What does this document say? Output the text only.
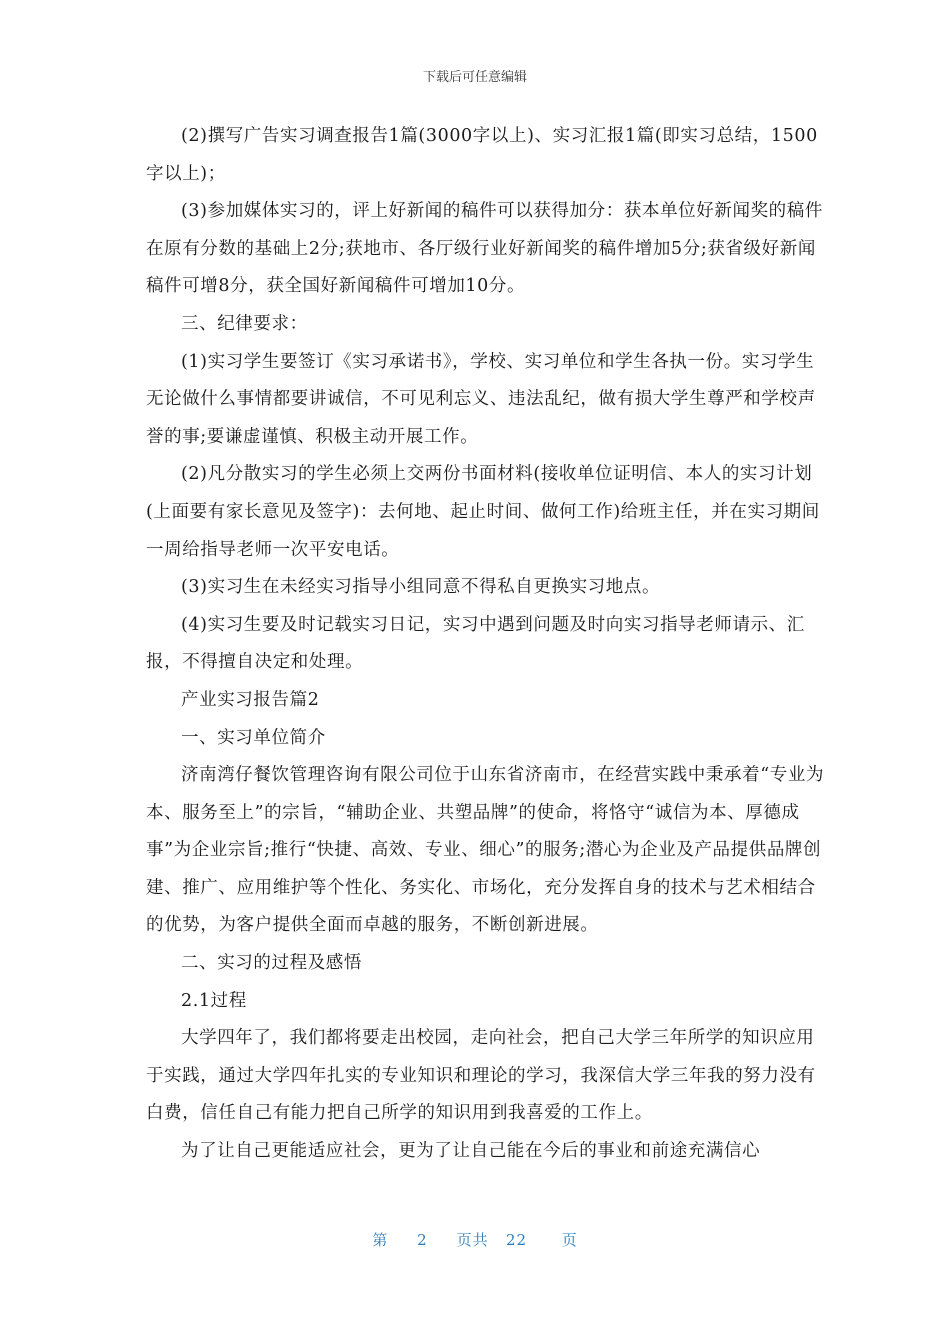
下载后可任意编辑

(2)撰写广告实习调查报告1篇(3000字以上)、实习汇报1篇(即实习总结，1500字以上)；

(3)参加媒体实习的，评上好新闻的稿件可以获得加分：获本单位好新闻奖的稿件在原有分数的基础上2分;获地市、各厅级行业好新闻奖的稿件增加5分;获省级好新闻稿件可增8分，获全国好新闻稿件可增加10分。

三、纪律要求：

(1)实习学生要签订《实习承诺书》，学校、实习单位和学生各执一份。实习学生无论做什么事情都要讲诚信，不可见利忘义、违法乱纪，做有损大学生尊严和学校声誉的事;要谦虚谨慎、积极主动开展工作。

(2)凡分散实习的学生必须上交两份书面材料(接收单位证明信、本人的实习计划(上面要有家长意见及签字)：去何地、起止时间、做何工作)给班主任，并在实习期间一周给指导老师一次平安电话。

(3)实习生在未经实习指导小组同意不得私自更换实习地点。

(4)实习生要及时记载实习日记，实习中遇到问题及时向实习指导老师请示、汇报，不得擅自决定和处理。

产业实习报告篇2

一、实习单位简介

济南湾仔餐饮管理咨询有限公司位于山东省济南市，在经营实践中秉承着“专业为本、服务至上”的宗旨，“辅助企业、共塑品牌”的使命，将恪守“诚信为本、厚德成事”为企业宗旨;推行“快捷、高效、专业、细心”的服务;潜心为企业及产品提供品牌创建、推广、应用维护等个性化、务实化、市场化，充分发挥自身的技术与艺术相结合的优势，为客户提供全面而卓越的服务，不断创新进展。

二、实习的过程及感悟

2.1过程

大学四年了，我们都将要走出校园，走向社会，把自己大学三年所学的知识应用于实践，通过大学四年扎实的专业知识和理论的学习，我深信大学三年我的努力没有白费，信任自己有能力把自己所学的知识用到我喜爱的工作上。

为了让自己更能适应社会，更为了让自己能在今后的事业和前途充满信心

第 2 页共 22 页
